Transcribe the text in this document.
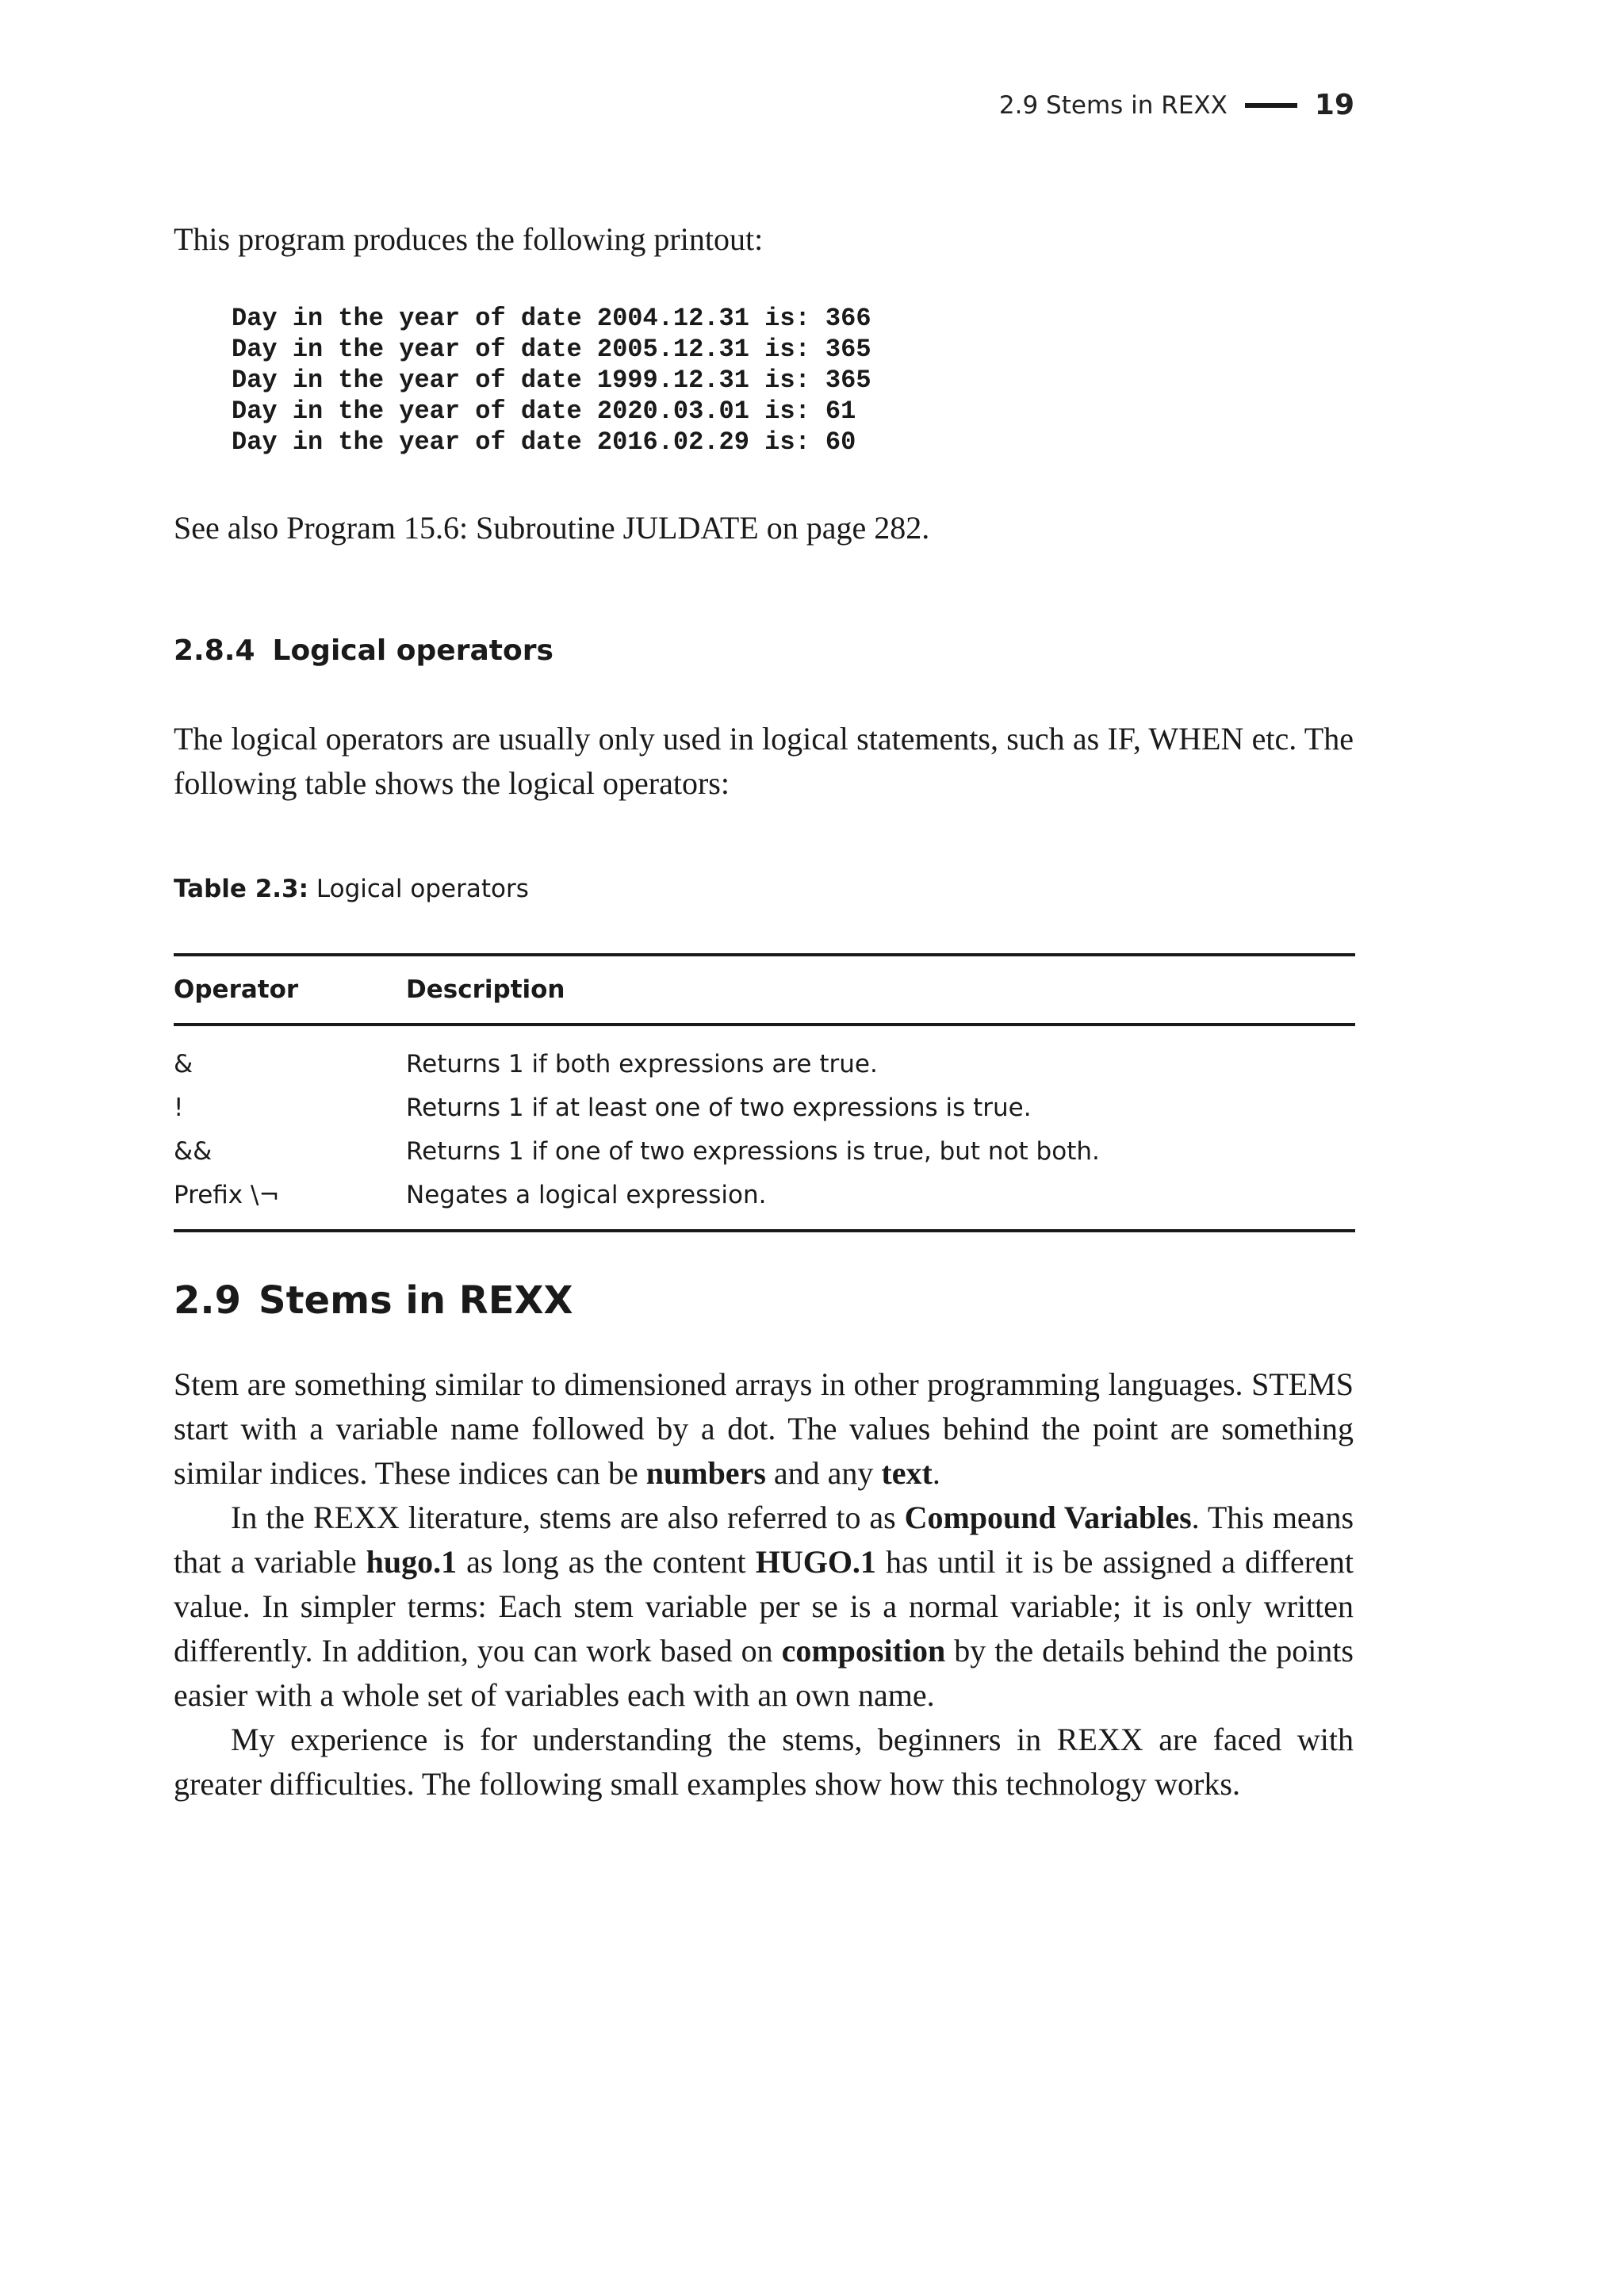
2.9 Stems in REXX	19

This program produces the following printout:

Day in the year of date 2004.12.31 is: 366
Day in the year of date 2005.12.31 is: 365
Day in the year of date 1999.12.31 is: 365
Day in the year of date 2020.03.01 is: 61
Day in the year of date 2016.02.29 is: 60

See also Program 15.6: Subroutine JULDATE on page 282.

2.8.4 Logical operators

The logical operators are usually only used in logical statements, such as IF, WHEN etc. The following table shows the logical operators:

Table 2.3: Logical operators
Operator	Description
&	Returns 1 if both expressions are true.
!	Returns 1 if at least one of two expressions is true.
&&	Returns 1 if one of two expressions is true, but not both.
Prefix \¬	Negates a logical expression.
2.9 Stems in REXX

Stem are something similar to dimensioned arrays in other programming languages. STEMS start with a variable name followed by a dot. The values behind the point are something similar indices. These indices can be numbers and any text.

In the REXX literature, stems are also referred to as Compound Variables. This means that a variable hugo.1 as long as the content HUGO.1 has until it is be assigned a different value. In simpler terms: Each stem variable per se is a normal variable; it is only written differently. In addition, you can work based on composition by the details behind the points easier with a whole set of variables each with an own name.

My experience is for understanding the stems, beginners in REXX are faced with greater difficulties. The following small examples show how this technology works.
